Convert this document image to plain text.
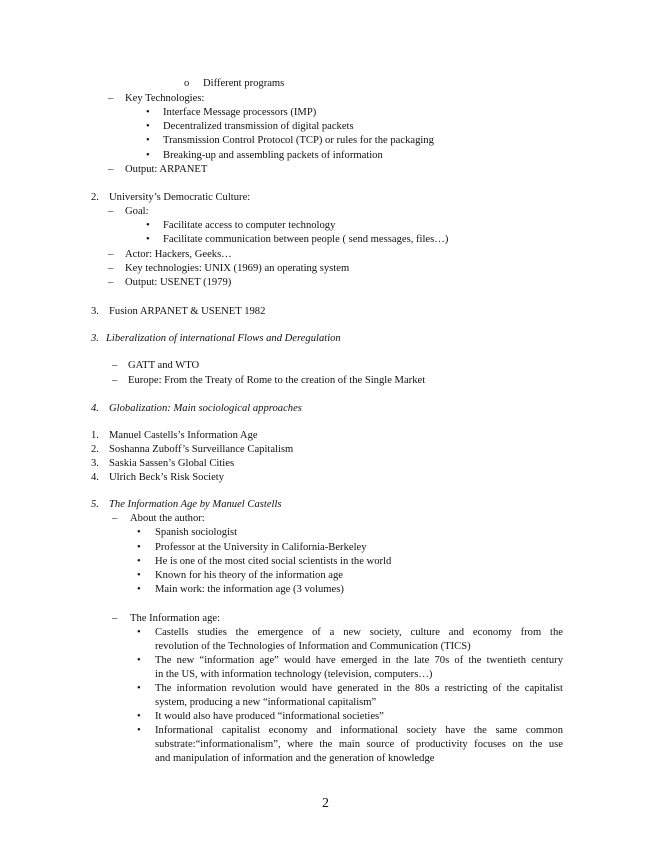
o Different programs
– Key Technologies:
• Interface Message processors (IMP)
• Decentralized transmission of digital packets
• Transmission Control Protocol (TCP) or rules for the packaging
• Breaking-up and assembling packets of information
– Output: ARPANET
2. University’s Democratic Culture:
– Goal:
• Facilitate access to computer technology
• Facilitate communication between people ( send messages, files…)
– Actor: Hackers, Geeks…
– Key technologies: UNIX (1969) an operating system
– Output: USENET (1979)
3. Fusion ARPANET & USENET 1982
3. Liberalization of international Flows and Deregulation
– GATT and WTO
– Europe: From the Treaty of Rome to the creation of the Single Market
4. Globalization: Main sociological approaches
1. Manuel Castells’s Information Age
2. Soshanna Zuboff’s Surveillance Capitalism
3. Saskia Sassen’s Global Cities
4. Ulrich Beck’s Risk Society
5. The Information Age by Manuel Castells
– About the author:
• Spanish sociologist
• Professor at the University in California-Berkeley
• He is one of the most cited social scientists in the world
• Known for his theory of the information age
• Main work: the information age (3 volumes)
– The Information age:
• Castells studies the emergence of a new society, culture and economy from the
revolution of the Technologies of Information and Communication (TICS)
• The new “information age” would have emerged in the late 70s of the twentieth century
in the US, with information technology (television, computers…)
• The information revolution would have generated in the 80s a restricting of the capitalist
system, producing a new “informational capitalism”
• It would also have produced “informational societies”
• Informational capitalist economy and informational society have the same common
substrate:“informationalism”, where the main source of productivity focuses on the use
and manipulation of information and the generation of knowledge
2
